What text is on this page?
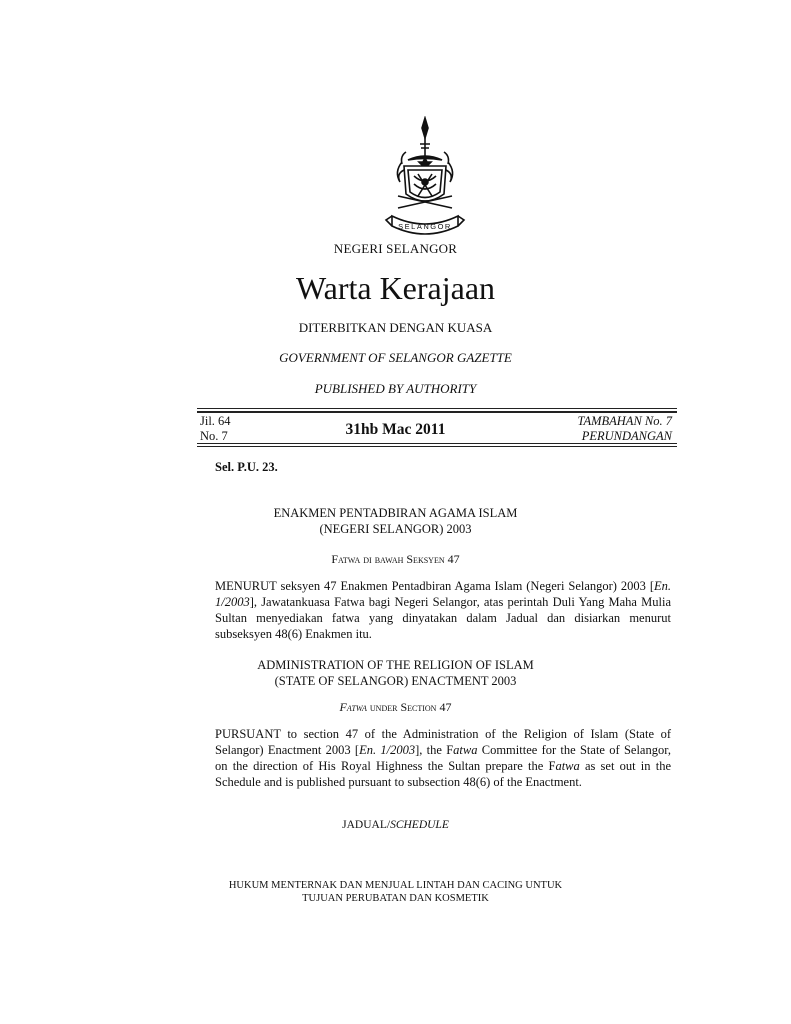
SELANGOR
NEGERI SELANGOR
Warta Kerajaan
DITERBITKAN DENGAN KUASA
GOVERNMENT OF SELANGOR GAZETTE
PUBLISHED BY AUTHORITY
Jil. 64
No. 7	31hb Mac 2011	TAMBAHAN No. 7
PERUNDANGAN
Sel. P.U. 23.
ENAKMEN PENTADBIRAN AGAMA ISLAM
(NEGERI SELANGOR) 2003
Fatwa di bawah Seksyen 47
MENURUT seksyen 47 Enakmen Pentadbiran Agama Islam (Negeri Selangor) 2003 [En. 1/2003], Jawatankuasa Fatwa bagi Negeri Selangor, atas perintah Duli Yang Maha Mulia Sultan menyediakan fatwa yang dinyatakan dalam Jadual dan disiarkan menurut subseksyen 48(6) Enakmen itu.
ADMINISTRATION OF THE RELIGION OF ISLAM
(STATE OF SELANGOR) ENACTMENT 2003
Fatwa under Section 47
PURSUANT to section 47 of the Administration of the Religion of Islam (State of Selangor) Enactment 2003 [En. 1/2003], the Fatwa Committee for the State of Selangor, on the direction of His Royal Highness the Sultan prepare the Fatwa as set out in the Schedule and is published pursuant to subsection 48(6) of the Enactment.
JADUAL/SCHEDULE
HUKUM MENTERNAK DAN MENJUAL LINTAH DAN CACING UNTUK
TUJUAN PERUBATAN DAN KOSMETIK
